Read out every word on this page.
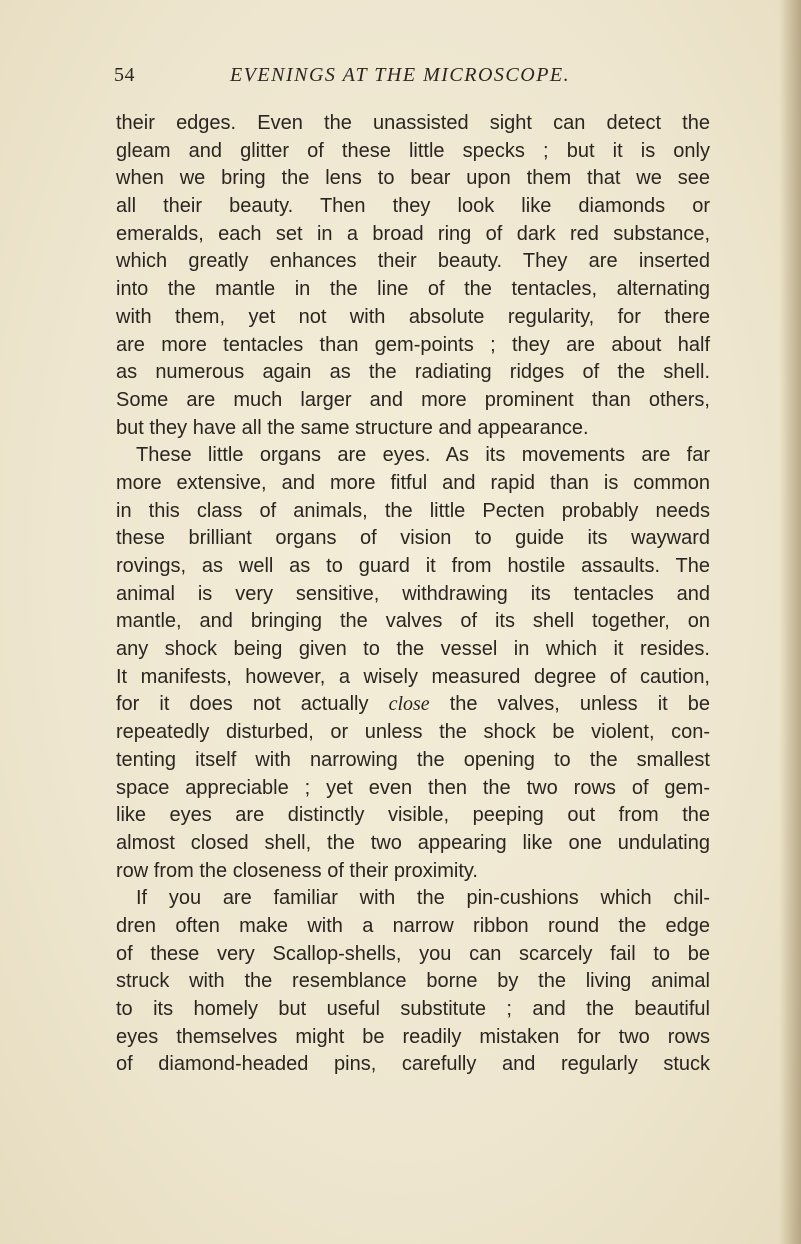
54	EVENINGS AT THE MICROSCOPE.
their edges. Even the unassisted sight can detect the
gleam and glitter of these little specks ; but it is only
when we bring the lens to bear upon them that we see
all their beauty. Then they look like diamonds or
emeralds, each set in a broad ring of dark red substance,
which greatly enhances their beauty. They are inserted
into the mantle in the line of the tentacles, alternating
with them, yet not with absolute regularity, for there
are more tentacles than gem-points ; they are about half
as numerous again as the radiating ridges of the shell.
Some are much larger and more prominent than others,
but they have all the same structure and appearance.
These little organs are eyes. As its movements are far
more extensive, and more fitful and rapid than is common
in this class of animals, the little Pecten probably needs
these brilliant organs of vision to guide its wayward
rovings, as well as to guard it from hostile assaults. The
animal is very sensitive, withdrawing its tentacles and
mantle, and bringing the valves of its shell together, on
any shock being given to the vessel in which it resides.
It manifests, however, a wisely measured degree of caution,
for it does not actually close the valves, unless it be
repeatedly disturbed, or unless the shock be violent, con-
tenting itself with narrowing the opening to the smallest
space appreciable ; yet even then the two rows of gem-
like eyes are distinctly visible, peeping out from the
almost closed shell, the two appearing like one undulating
row from the closeness of their proximity.
If you are familiar with the pin-cushions which chil-
dren often make with a narrow ribbon round the edge
of these very Scallop-shells, you can scarcely fail to be
struck with the resemblance borne by the living animal
to its homely but useful substitute ; and the beautiful
eyes themselves might be readily mistaken for two rows
of diamond-headed pins, carefully and regularly stuck
